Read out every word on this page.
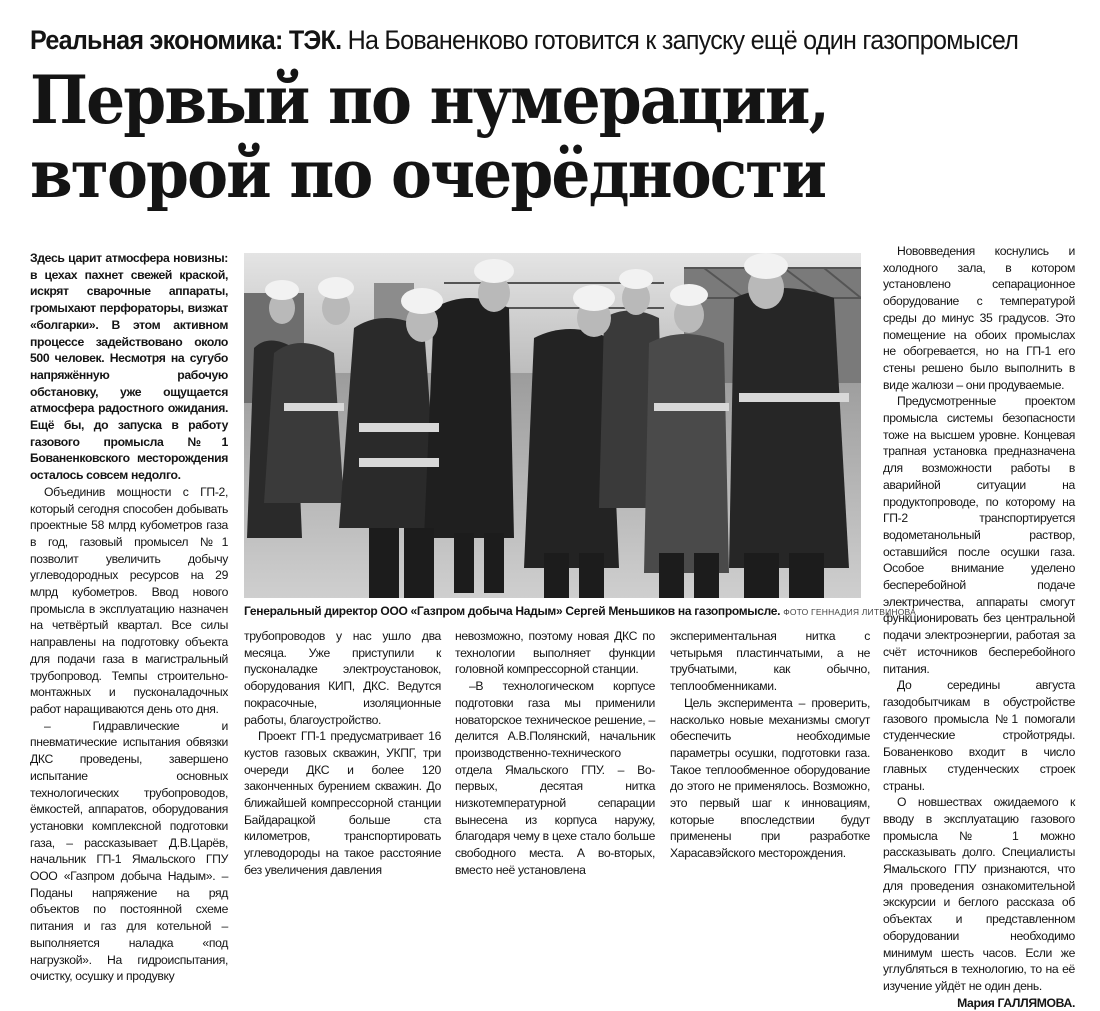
Реальная экономика: ТЭК. На Бованенково готовится к запуску ещё один газопромысел
Первый по нумерации,
второй по очерёдности

Здесь царит атмосфера новизны: в цехах пахнет свежей краской, искрят сварочные аппараты, громыхают перфораторы, визжат «болгарки». В этом активном процессе задействовано около 500 человек. Несмотря на сугубо напряжённую рабочую обстановку, уже ощущается атмосфера радостного ожидания. Ещё бы, до запуска в работу газового промысла №1 Бованенковского месторождения осталось совсем недолго.

Объединив мощности с ГП-2, который сегодня способен добывать проектные 58 млрд кубометров газа в год, газовый промысел №1 позволит увеличить добычу углеводородных ресурсов на 29 млрд кубометров. Ввод нового промысла в эксплуатацию назначен на четвёртый квартал. Все силы направлены на подготовку объекта для подачи газа в магистральный трубопровод. Темпы строительно-монтажных и пусконаладочных работ наращиваются день ото дня.

– Гидравлические и пневматические испытания обвязки ДКС проведены, завершено испытание основных технологических трубопроводов, ёмкостей, аппаратов, оборудования установки комплексной подготовки газа, – рассказывает Д.В.Царёв, начальник ГП-1 Ямальского ГПУ ООО «Газпром добыча Надым». – Поданы напряжение на ряд объектов по постоянной схеме питания и газ для котельной – выполняется наладка «под нагрузкой». На гидроиспытания, очистку, осушку и продувку

Генеральный директор ООО «Газпром добыча Надым» Сергей Меньшиков на газопромысле. ФОТО ГЕННАДИЯ ЛИТВИНОВА

трубопроводов у нас ушло два месяца. Уже приступили к пусконаладке электроустановок, оборудования КИП, ДКС. Ведутся покрасочные, изоляционные работы, благоустройство.

Проект ГП-1 предусматривает 16 кустов газовых скважин, УКПГ, три очереди ДКС и более 120 законченных бурением скважин. До ближайшей компрессорной станции Байдарацкой больше ста километров, транспортировать углеводороды на такое расстояние без увеличения давления

невозможно, поэтому новая ДКС по технологии выполняет функции головной компрессорной станции.

–В технологическом корпусе подготовки газа мы применили новаторское техническое решение, – делится А.В.Полянский, начальник производственно-технического отдела Ямальского ГПУ. – Во-первых, десятая нитка низкотемпературной сепарации вынесена из корпуса наружу, благодаря чему в цехе стало больше свободного места. А во-вторых, вместо неё установлена

экспериментальная нитка с четырьмя пластинчатыми, а не трубчатыми, как обычно, теплообменниками.

Цель эксперимента – проверить, насколько новые механизмы смогут обеспечить необходимые параметры осушки, подготовки газа. Такое теплообменное оборудование до этого не применялось. Возможно, это первый шаг к инновациям, которые впоследствии будут применены при разработке Харасавэйского месторождения.

Нововведения коснулись и холодного зала, в котором установлено сепарационное оборудование с температурой среды до минус 35 градусов. Это помещение на обоих промыслах не обогревается, но на ГП-1 его стены решено было выполнить в виде жалюзи – они продуваемые.

Предусмотренные проектом промысла системы безопасности тоже на высшем уровне. Концевая трапная установка предназначена для возможности работы в аварийной ситуации на продуктопроводе, по которому на ГП-2 транспортируется водометанольный раствор, оставшийся после осушки газа. Особое внимание уделено бесперебойной подаче электричества, аппараты смогут функционировать без центральной подачи электроэнергии, работая за счёт источников бесперебойного питания.

До середины августа газодобытчикам в обустройстве газового промысла №1 помогали студенческие стройотряды. Бованенково входит в число главных студенческих строек страны.

О новшествах ожидаемого к вводу в эксплуатацию газового промысла № 1 можно рассказывать долго. Специалисты Ямальского ГПУ признаются, что для проведения ознакомительной экскурсии и беглого рассказа об объектах и представленном оборудовании необходимо минимум шесть часов. Если же углубляться в технологию, то на её изучение уйдёт не один день.

Мария ГАЛЛЯМОВА.
